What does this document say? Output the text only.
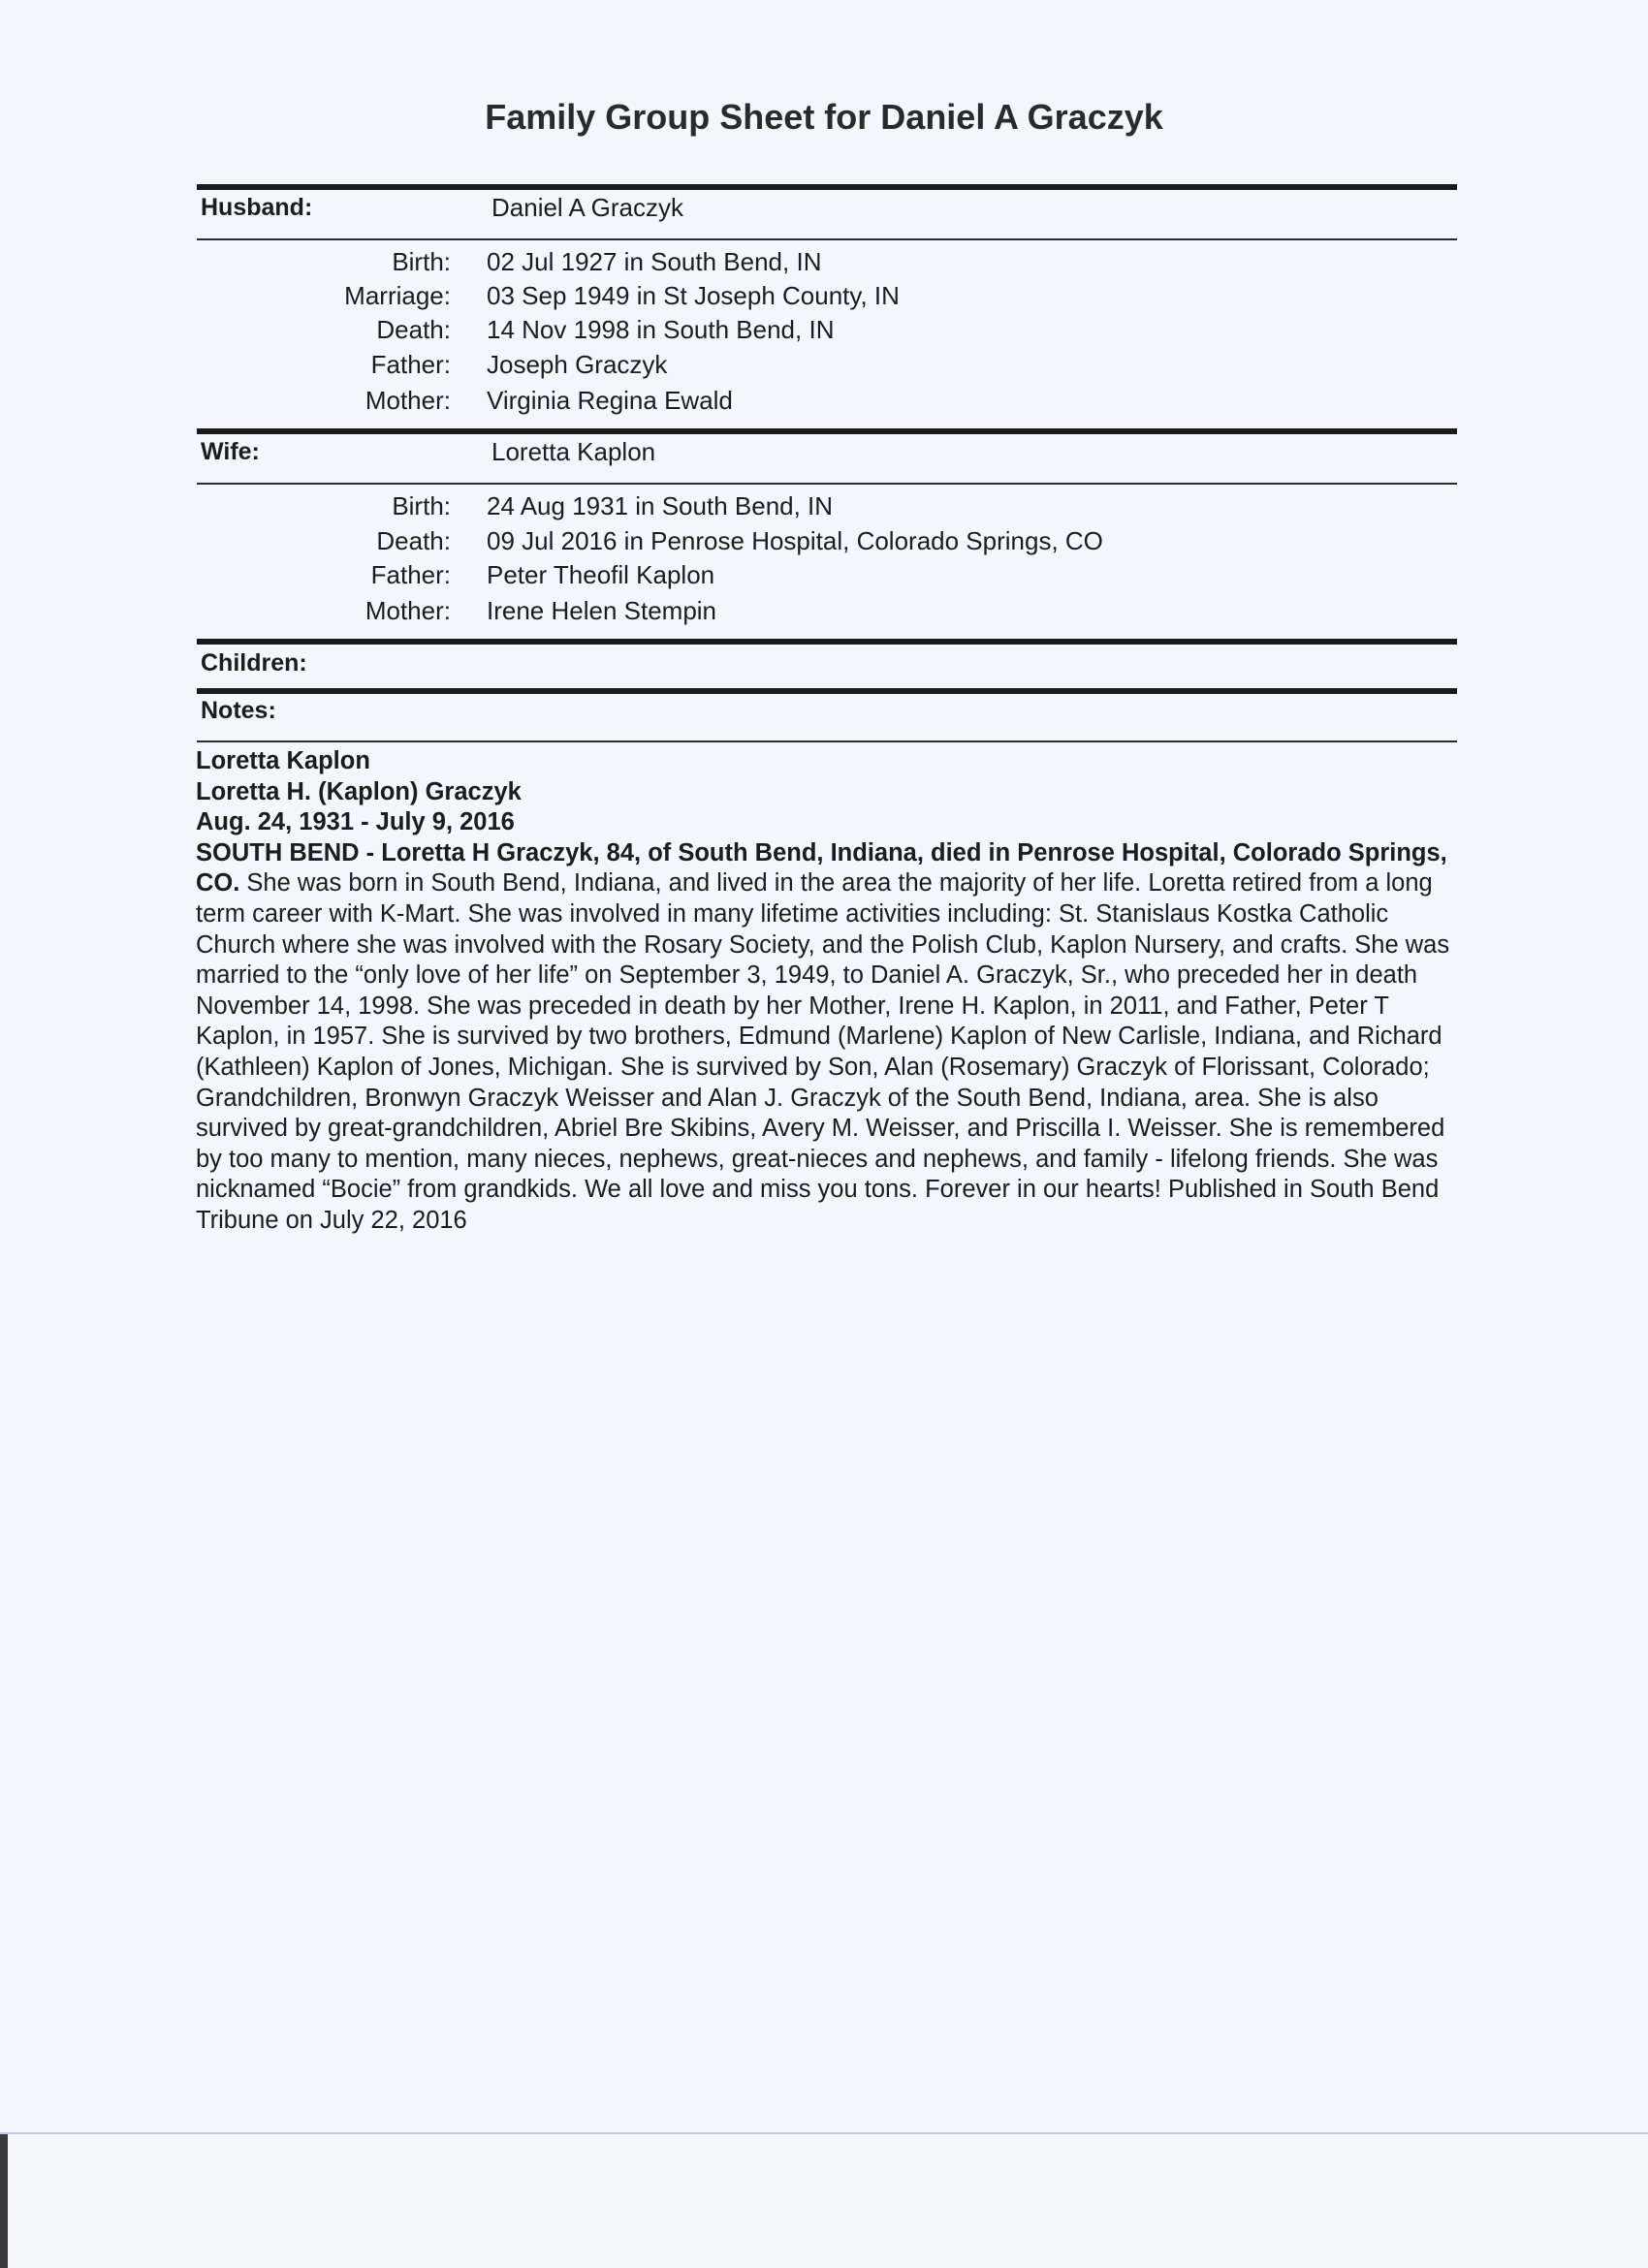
Family Group Sheet for Daniel A Graczyk
Husband:	Daniel A Graczyk
Birth: 02 Jul 1927 in South Bend, IN
Marriage: 03 Sep 1949 in St Joseph County, IN
Death: 14 Nov 1998 in South Bend, IN
Father: Joseph Graczyk
Mother: Virginia Regina Ewald
Wife:	Loretta Kaplon
Birth: 24 Aug 1931 in South Bend, IN
Death: 09 Jul 2016 in Penrose Hospital, Colorado Springs, CO
Father: Peter Theofil Kaplon
Mother: Irene Helen Stempin
Children:
Notes:

Loretta Kaplon

Loretta H. (Kaplon) Graczyk

Aug. 24, 1931 - July 9, 2016

SOUTH BEND - Loretta H Graczyk, 84, of South Bend, Indiana, died in Penrose Hospital, Colorado Springs, CO. She was born in South Bend, Indiana, and lived in the area the majority of her life. Loretta retired from a long term career with K-Mart. She was involved in many lifetime activities including: St. Stanislaus Kostka Catholic Church where she was involved with the Rosary Society, and the Polish Club, Kaplon Nursery, and crafts. She was married to the “only love of her life” on September 3, 1949, to Daniel A. Graczyk, Sr., who preceded her in death November 14, 1998. She was preceded in death by her Mother, Irene H. Kaplon, in 2011, and Father, Peter T Kaplon, in 1957. She is survived by two brothers, Edmund (Marlene) Kaplon of New Carlisle, Indiana, and Richard (Kathleen) Kaplon of Jones, Michigan. She is survived by Son, Alan (Rosemary) Graczyk of Florissant, Colorado; Grandchildren, Bronwyn Graczyk Weisser and Alan J. Graczyk of the South Bend, Indiana, area. She is also survived by great-grandchildren, Abriel Bre Skibins, Avery M. Weisser, and Priscilla I. Weisser. She is remembered by too many to mention, many nieces, nephews, great-nieces and nephews, and family - lifelong friends. She was nicknamed “Bocie” from grandkids. We all love and miss you tons. Forever in our hearts! Published in South Bend Tribune on July 22, 2016
